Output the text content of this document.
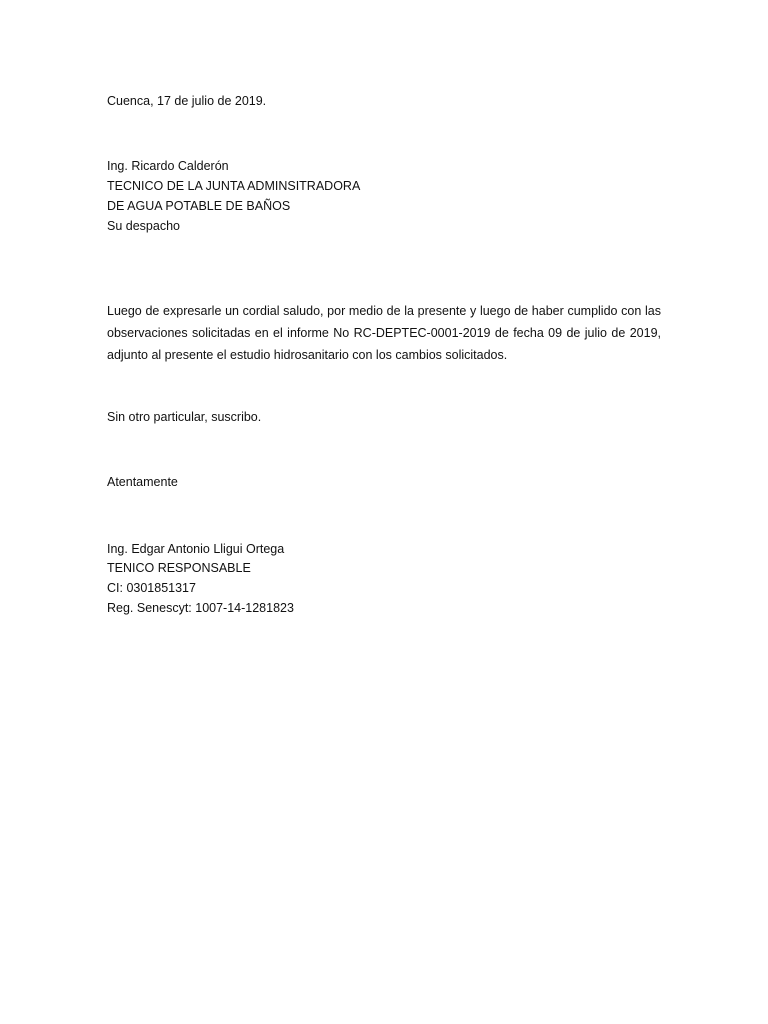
Cuenca, 17 de julio de 2019.
Ing. Ricardo Calderón
TECNICO DE LA JUNTA ADMINSITRADORA
DE AGUA POTABLE DE BAÑOS
Su despacho
Luego de expresarle un cordial saludo, por medio de la presente y luego de haber cumplido con las
observaciones solicitadas en el informe No RC-DEPTEC-0001-2019 de fecha 09 de julio de 2019,
adjunto al presente el estudio hidrosanitario con los cambios solicitados.
Sin otro particular, suscribo.
Atentamente
Ing. Edgar Antonio Lligui Ortega
TENICO RESPONSABLE
CI: 0301851317
Reg. Senescyt: 1007-14-1281823
